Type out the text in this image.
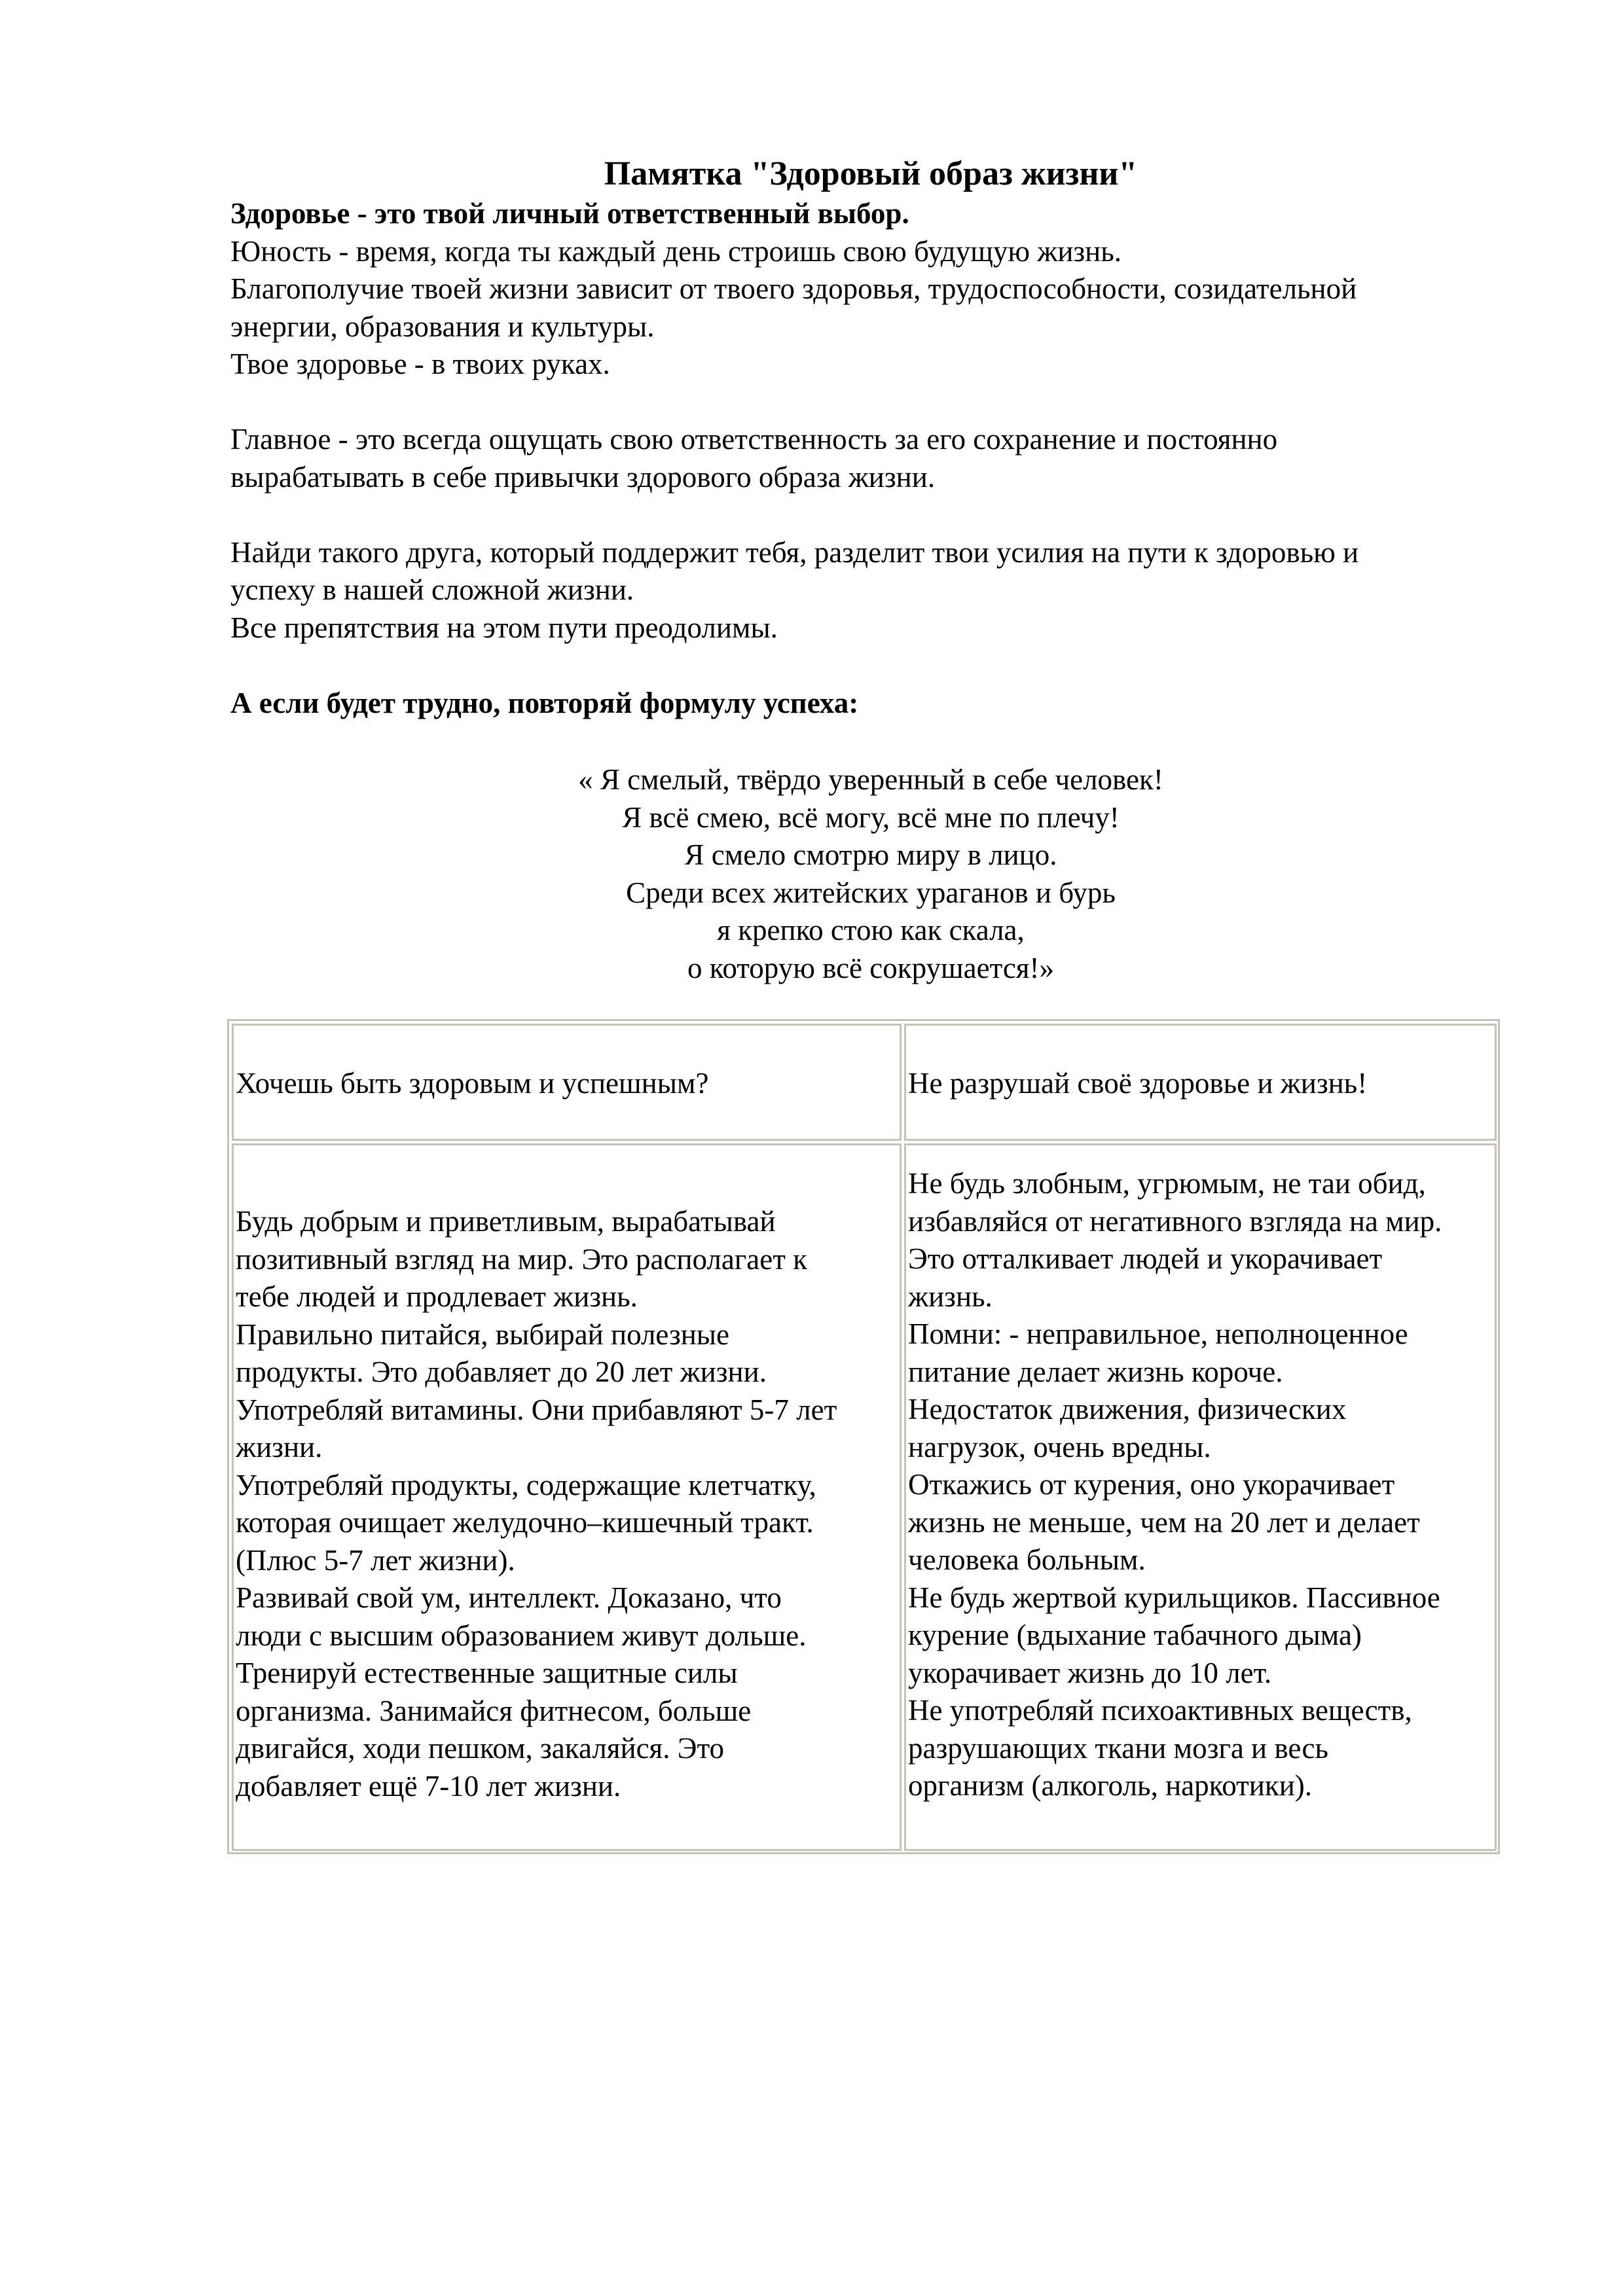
Памятка "Здоровый образ жизни"
Здоровье - это твой личный ответственный выбор.
Юность - время, когда ты каждый день строишь свою будущую жизнь.
Благополучие твоей жизни зависит от твоего здоровья, трудоспособности, созидательной
энергии, образования и культуры.
Твое здоровье - в твоих руках.
Главное - это всегда ощущать свою ответственность за его сохранение и постоянно
вырабатывать в себе привычки здорового образа жизни.
Найди такого друга, который поддержит тебя, разделит твои усилия на пути к здоровью и
успеху в нашей сложной жизни.
Все препятствия на этом пути преодолимы.
А если будет трудно, повторяй формулу успеха:
« Я смелый, твёрдо уверенный в себе человек!
Я всё смею, всё могу, всё мне по плечу!
Я смело смотрю миру в лицо.
Среди всех житейских ураганов и бурь
я крепко стою как скала,
о которую всё сокрушается!»
Хочешь быть здоровым и успешным?	Не разрушай своё здоровье и жизнь!
Будь добрым и приветливым, вырабатывай
позитивный взгляд на мир. Это располагает к
тебе людей и продлевает жизнь.
Правильно питайся, выбирай полезные
продукты. Это добавляет до 20 лет жизни.
Употребляй витамины. Они прибавляют 5-7 лет
жизни.
Употребляй продукты, содержащие клетчатку,
которая очищает желудочно–кишечный тракт.
(Плюс 5-7 лет жизни).
Развивай свой ум, интеллект. Доказано, что
люди с высшим образованием живут дольше.
Тренируй естественные защитные силы
организма. Занимайся фитнесом, больше
двигайся, ходи пешком, закаляйся. Это
добавляет ещё 7-10 лет жизни.
Не будь злобным, угрюмым, не таи обид,
избавляйся от негативного взгляда на мир.
Это отталкивает людей и укорачивает
жизнь.
Помни: - неправильное, неполноценное
питание делает жизнь короче.
Недостаток движения, физических
нагрузок, очень вредны.
Откажись от курения, оно укорачивает
жизнь не меньше, чем на 20 лет и делает
человека больным.
Не будь жертвой курильщиков. Пассивное
курение (вдыхание табачного дыма)
укорачивает жизнь до 10 лет.
Не употребляй психоактивных веществ,
разрушающих ткани мозга и весь
организм (алкоголь, наркотики).
